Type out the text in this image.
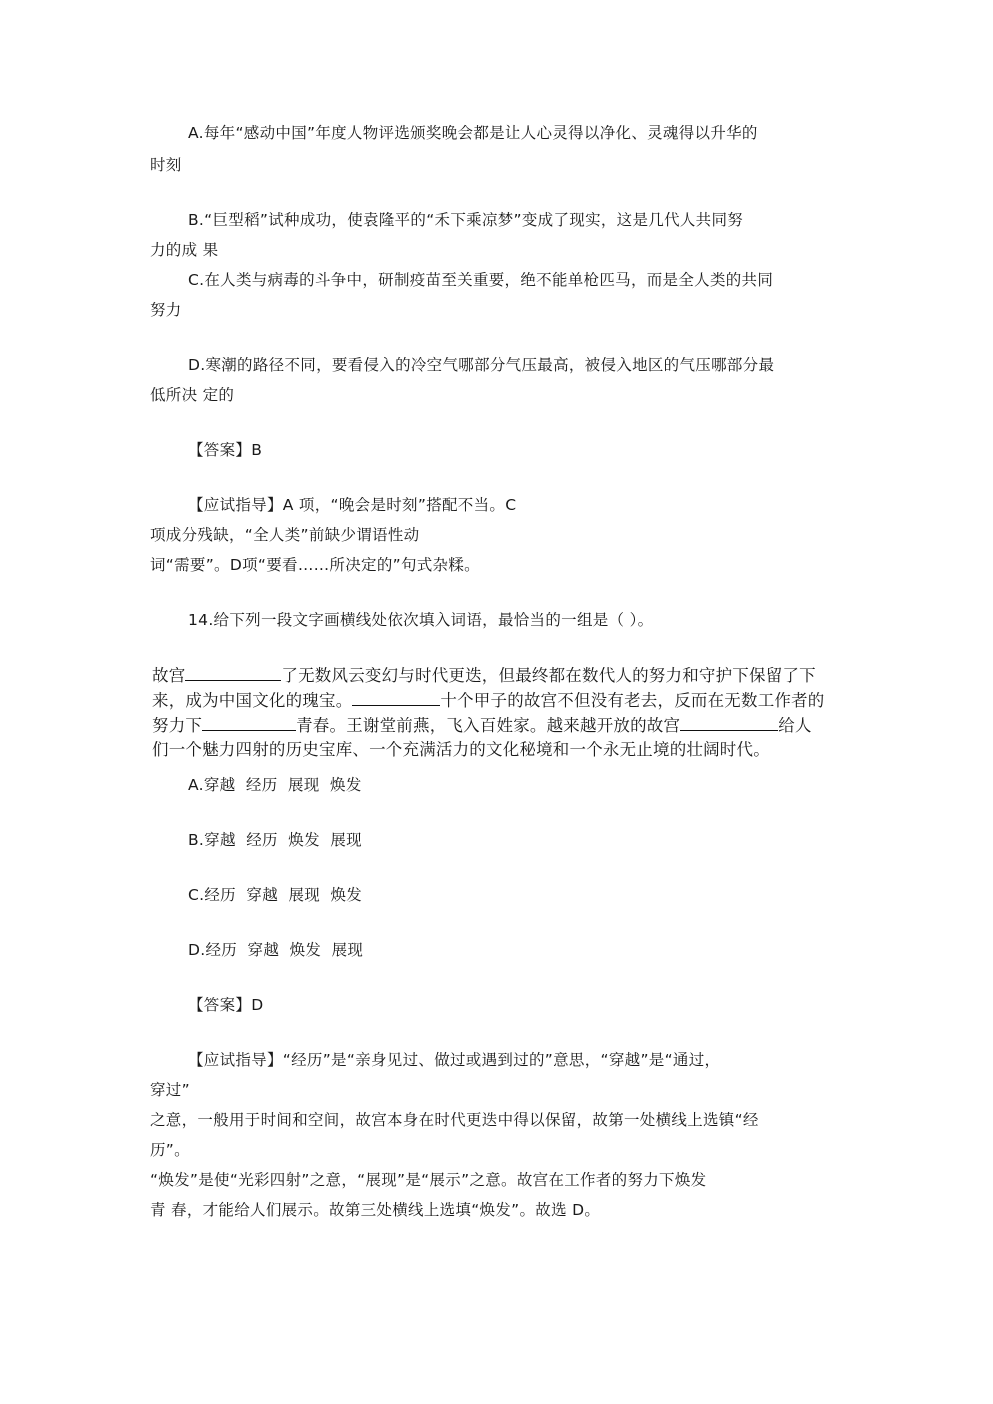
A.每年“感动中国”年度人物评选颁奖晚会都是让人心灵得以净化、灵魂得以升华的
时刻
B.“巨型稻”试种成功，使袁隆平的“禾下乘凉梦”变成了现实，这是几代人共同努
力的成 果
C.在人类与病毒的斗争中，研制疫苗至关重要，绝不能单枪匹马，而是全人类的共同
努力
D.寒潮的路径不同，要看侵入的冷空气哪部分气压最高，被侵入地区的气压哪部分最
低所决 定的
【答案】B
【应试指导】A 项，“晚会是时刻”搭配不当。C
项成分残缺，“全人类”前缺少谓语性动
词“需要”。D项“要看……所决定的”句式杂糅。
14.给下列一段文字画横线处依次填入词语，最恰当的一组是（ ）。
故宫	了无数风云变幻与时代更迭，但最终都在数代人的努力和守护下保留了下
来，成为中国文化的瑰宝。	十个甲子的故宫不但没有老去，反而在无数工作者的
努力下	青春。王谢堂前燕，飞入百姓家。越来越开放的故宫	给人
们一个魅力四射的历史宝库、一个充满活力的文化秘境和一个永无止境的壮阔时代。
A.穿越  经历  展现  焕发
B.穿越  经历  焕发  展现
C.经历  穿越  展现  焕发
D.经历  穿越  焕发  展现
【答案】D
【应试指导】“经历”是“亲身见过、做过或遇到过的”意思，“穿越”是“通过，
穿过”
之意，一般用于时间和空间，故宫本身在时代更迭中得以保留，故第一处横线上选镇“经
历”。
“焕发”是使“光彩四射”之意，“展现”是“展示”之意。故宫在工作者的努力下焕发
青 春，才能给人们展示。故第三处横线上选填“焕发”。故选 D。
